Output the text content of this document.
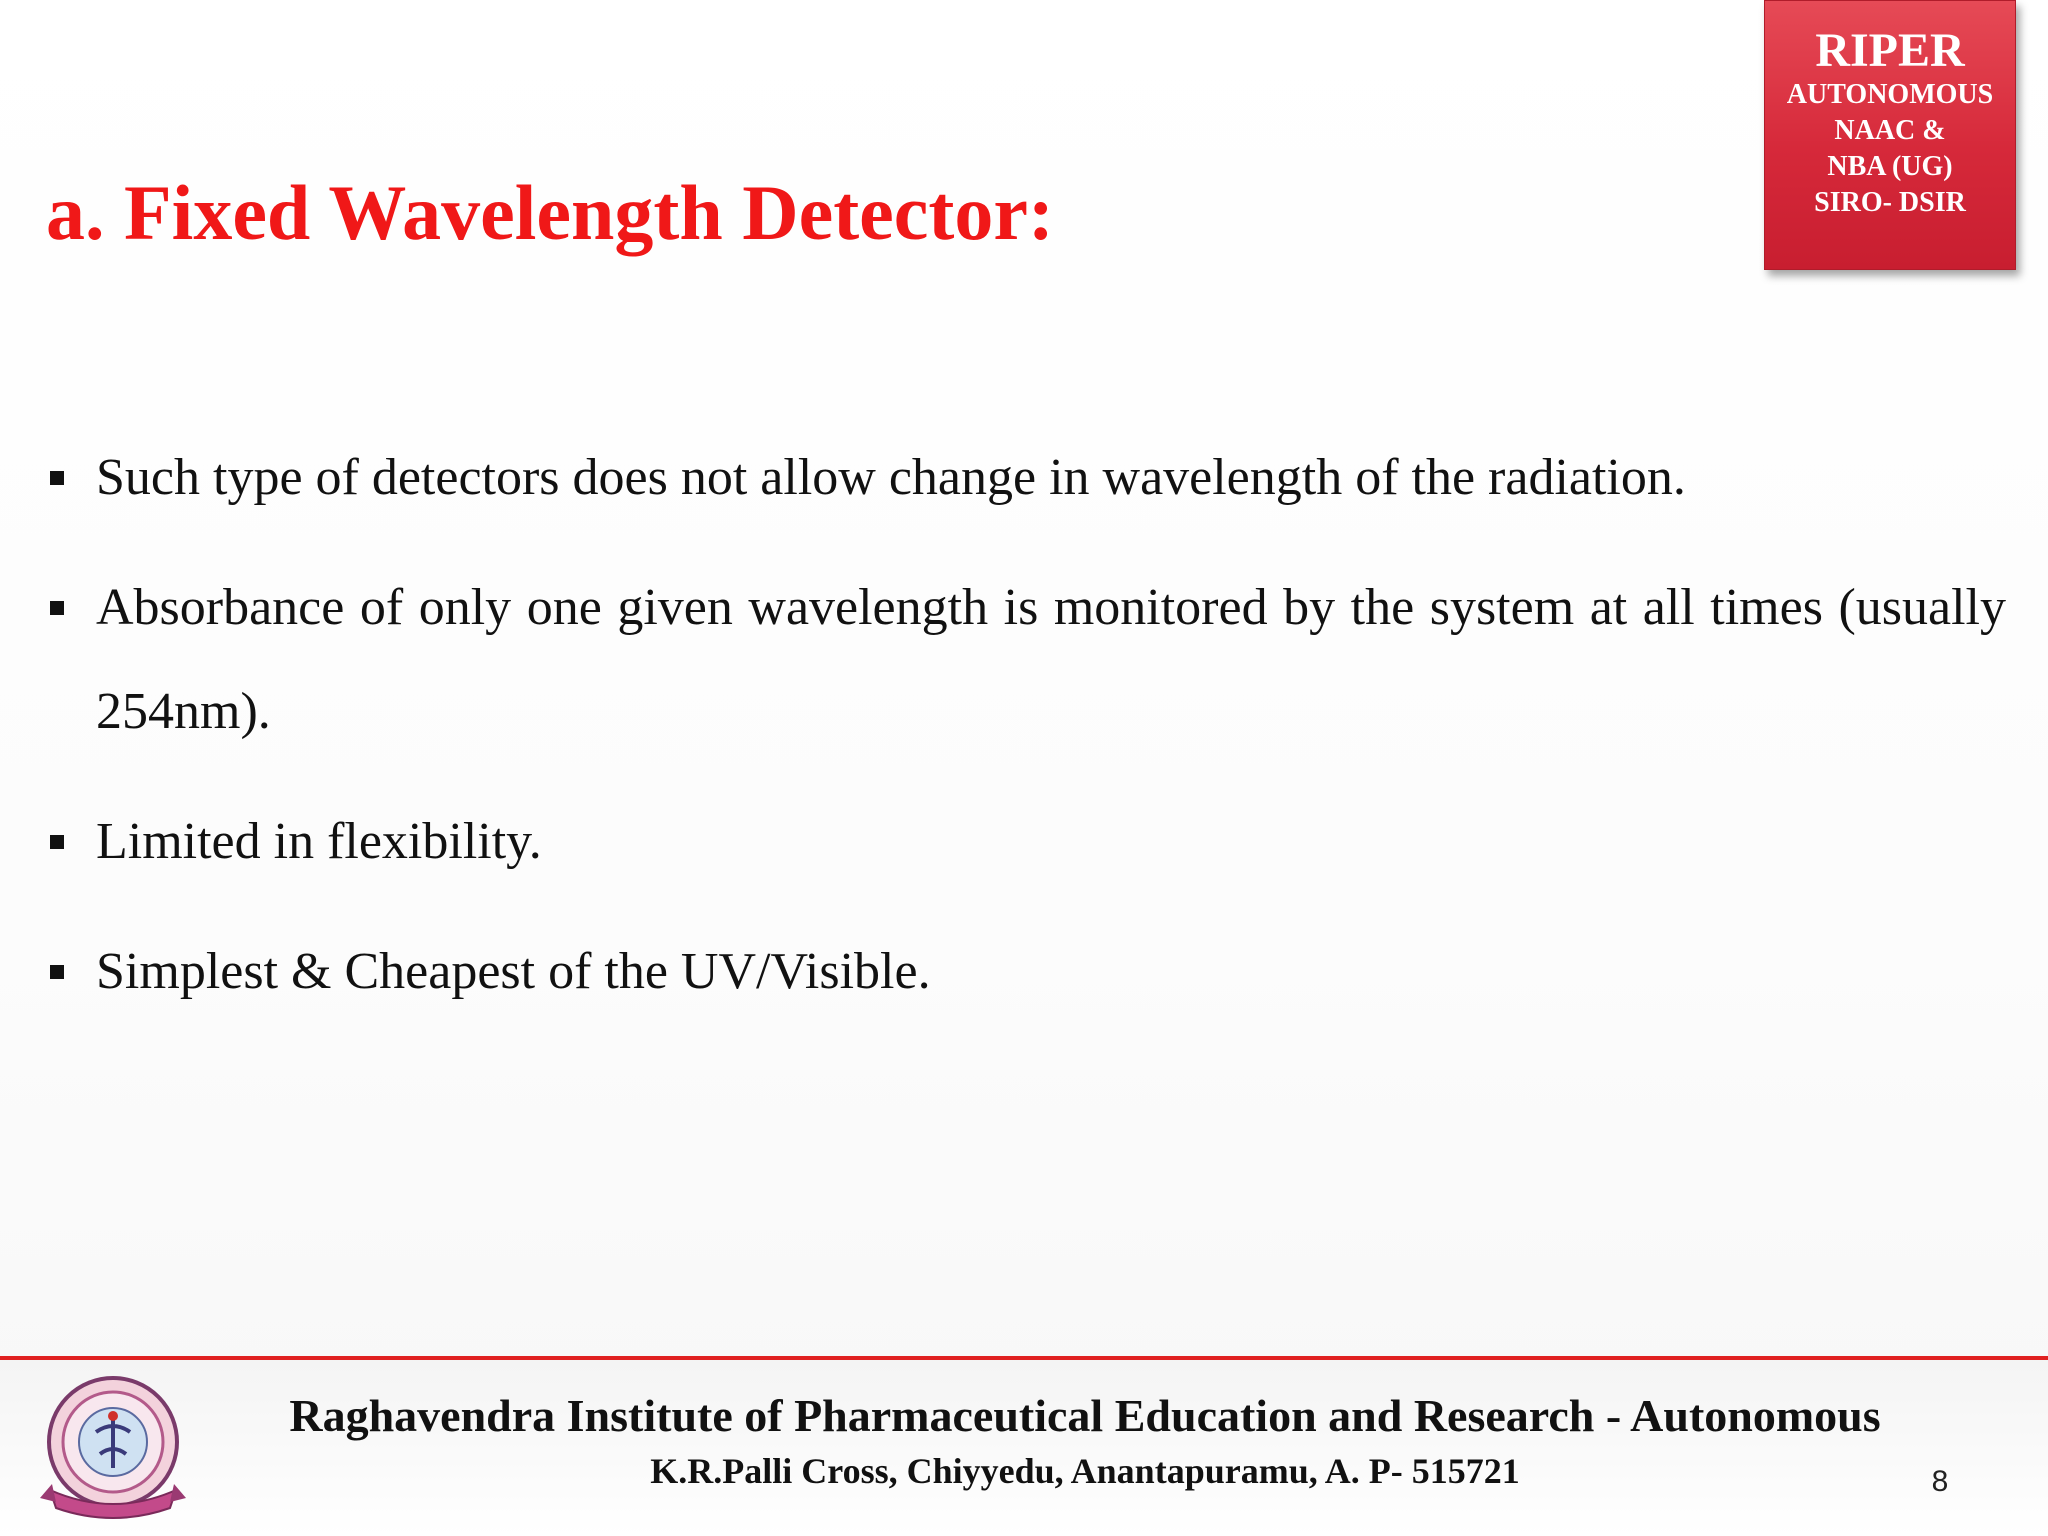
a. Fixed Wavelength Detector:
RIPER
AUTONOMOUS
NAAC &
NBA (UG)
SIRO- DSIR
Such type of detectors does not allow change in wavelength of the radiation.
Absorbance of only one given wavelength is monitored by the system at all times (usually 254nm).
Limited in flexibility.
Simplest & Cheapest of the UV/Visible.
Raghavendra Institute of Pharmaceutical Education and Research - Autonomous
K.R.Palli Cross, Chiyyedu, Anantapuramu, A. P- 515721	8
